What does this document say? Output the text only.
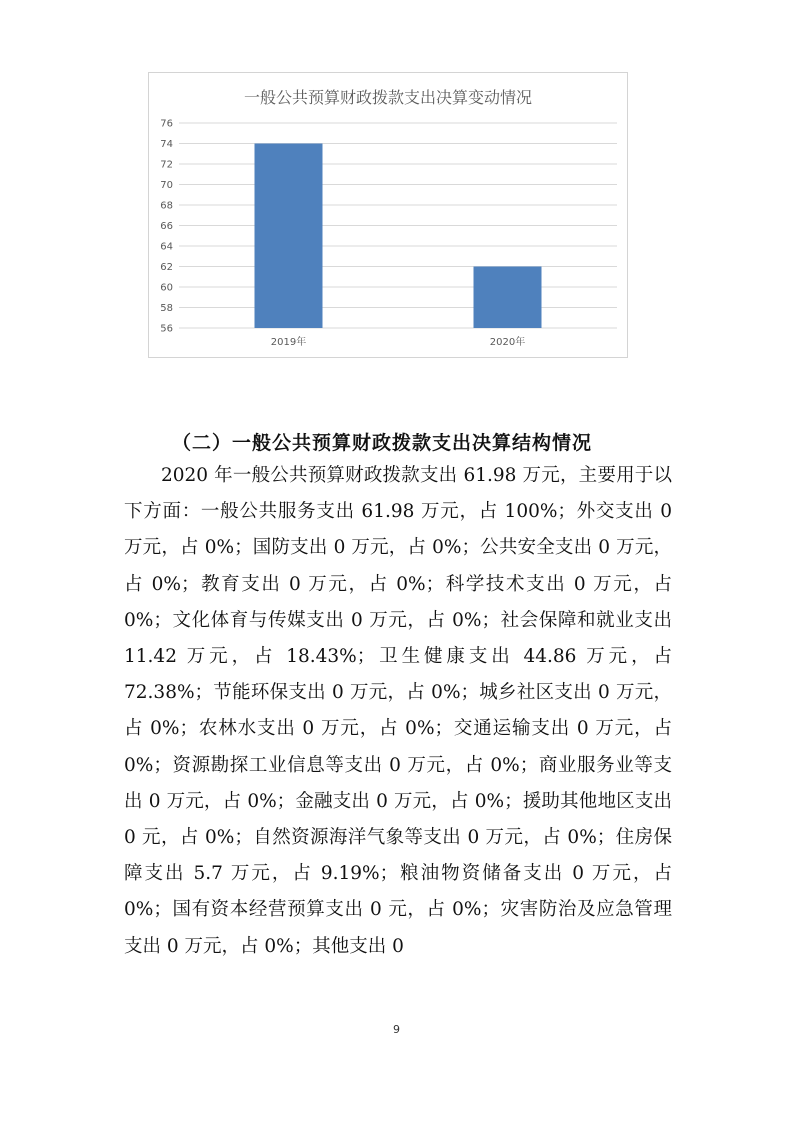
一般公共预算财政拨款支出决算变动情况
56
58
60
62
64
66
68
70
72
74
76
2019年	2020年
（二）一般公共预算财政拨款支出决算结构情况

2020 年一般公共预算财政拨款支出 61.98 万元，主要用于以下方面：一般公共服务支出 61.98 万元，占 100%；外交支出 0 万元，占 0%；国防支出 0 万元，占 0%；公共安全支出 0 万元，占 0%；教育支出 0 万元，占 0%；科学技术支出 0 万元，占 0%；文化体育与传媒支出 0 万元，占 0%；社会保障和就业支出 11.42 万元，占 18.43%；卫生健康支出 44.86 万元，占 72.38%；节能环保支出 0 万元，占 0%；城乡社区支出 0 万元，占 0%；农林水支出 0 万元，占 0%；交通运输支出 0 万元，占 0%；资源勘探工业信息等支出 0 万元，占 0%；商业服务业等支出 0 万元，占 0%；金融支出 0 万元，占 0%；援助其他地区支出 0 元，占 0%；自然资源海洋气象等支出 0 万元，占 0%；住房保障支出 5.7 万元，占 9.19%；粮油物资储备支出 0 万元，占 0%；国有资本经营预算支出 0 元，占 0%；灾害防治及应急管理支出 0 万元，占 0%；其他支出 0

9
